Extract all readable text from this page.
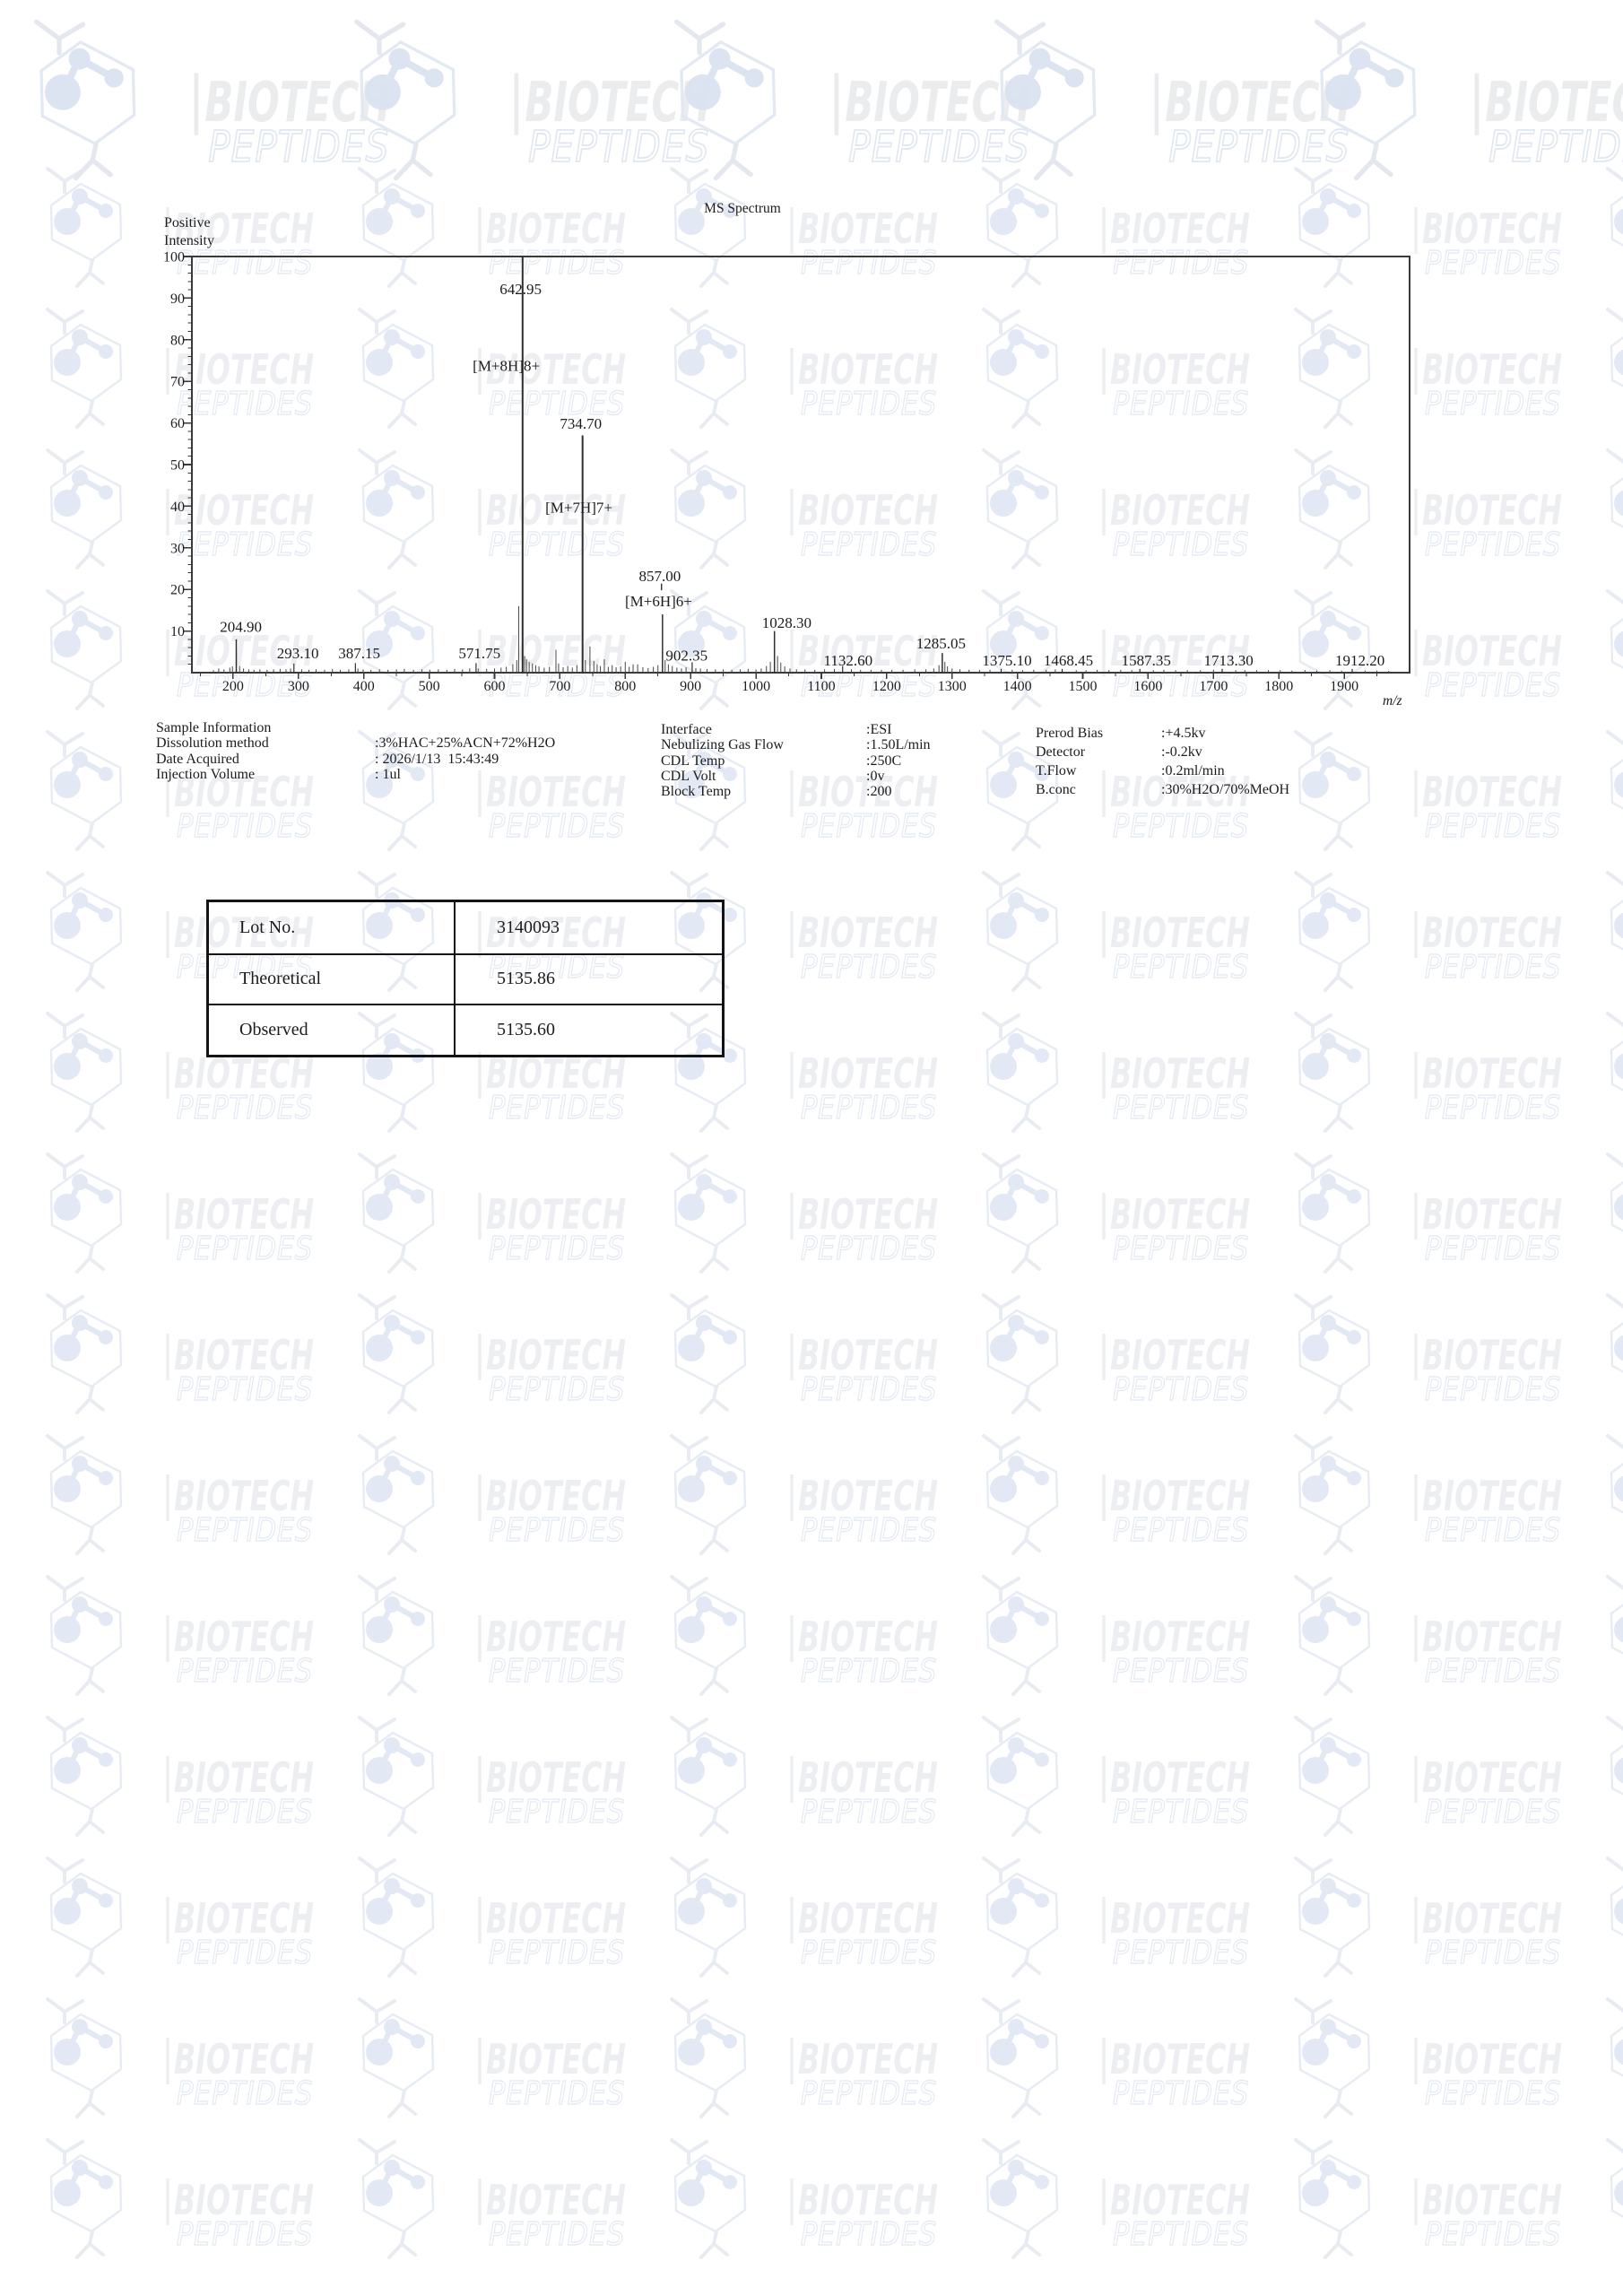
BIOTECH
100
90
80
70
60
50
40
30
20
10
200	300	400	500	600	700	800	900	1000	1100	1200	1300	1400	1500	1600	1700	1800	1900
204.90
293.10 387.15	571.75
642.95
[M+8H]8+
734.70
[M+7H]7+
857.00
[M+6H]6+
1028.30
902.35	1132.60
1285.05
1375.10 1468.45 1587.35 1713.30	1912.20
MS Spectrum
Positive
Intensity
m/z
Sample Information
Dissolution method	:3%HAC+25%ACN+72%H2O
Date Acquired	: 2026/1/13  15:43:49
Injection Volume	: 1ul
Interface	:ESI
Nebulizing Gas Flow	:1.50L/min
CDL Temp	:250C
CDL Volt	:0v
Block Temp	:200
Prerod Bias	:+4.5kv
Detector	:-0.2kv
T.Flow	:0.2ml/min
B.conc	:30%H2O/70%MeOH
Lot No.	3140093
Theoretical	5135.86
Observed	5135.60
